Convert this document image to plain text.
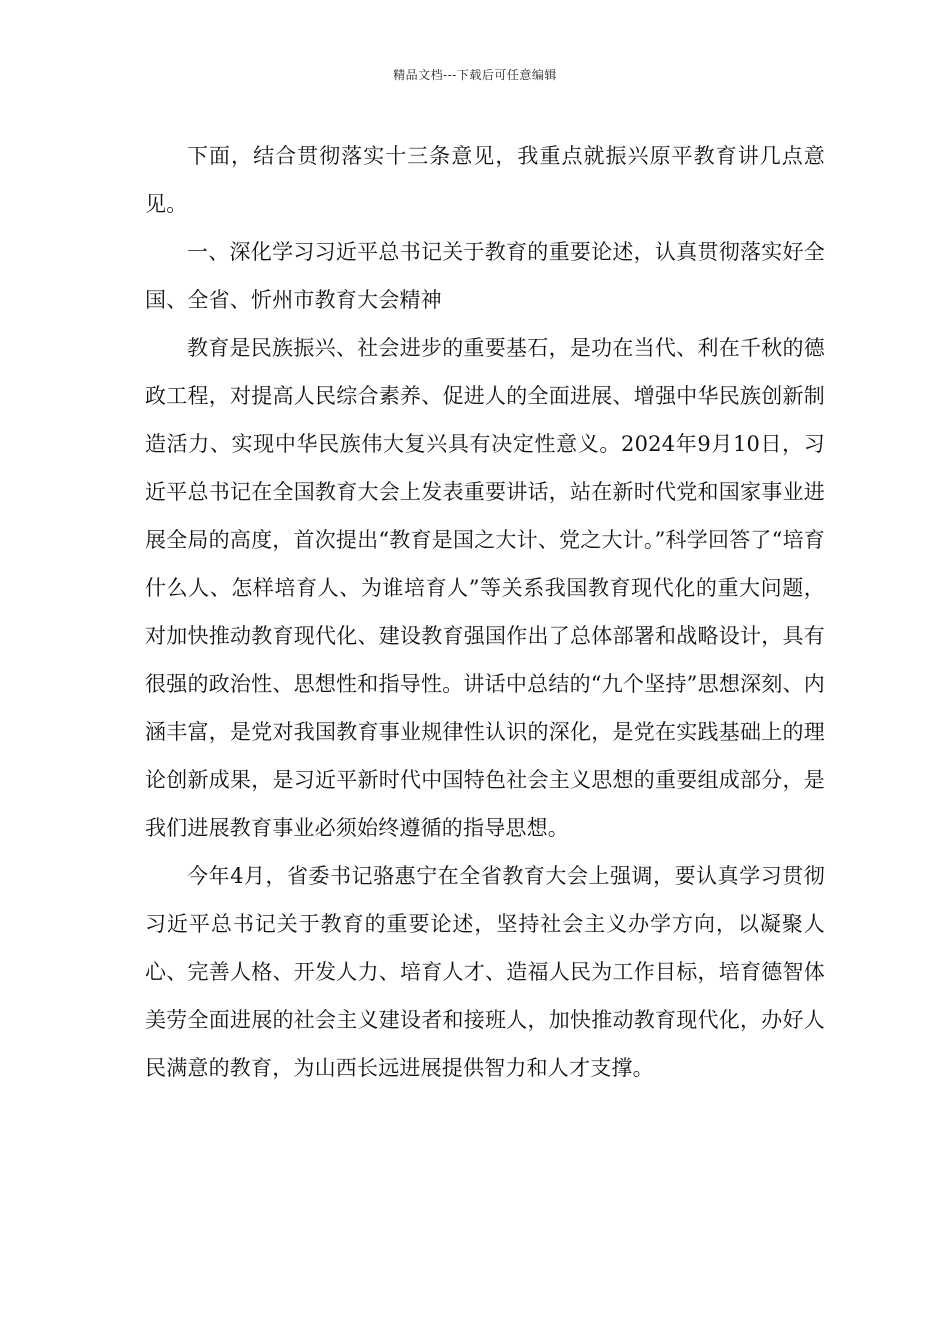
精品文档---下载后可任意编辑

下面，结合贯彻落实十三条意见，我重点就振兴原平教育讲几点意见。

一、深化学习习近平总书记关于教育的重要论述，认真贯彻落实好全国、全省、忻州市教育大会精神

教育是民族振兴、社会进步的重要基石，是功在当代、利在千秋的德政工程，对提高人民综合素养、促进人的全面进展、增强中华民族创新制造活力、实现中华民族伟大复兴具有决定性意义。2024年9月10日，习近平总书记在全国教育大会上发表重要讲话，站在新时代党和国家事业进展全局的高度，首次提出“教育是国之大计、党之大计。”科学回答了“培育什么人、怎样培育人、为谁培育人”等关系我国教育现代化的重大问题，对加快推动教育现代化、建设教育强国作出了总体部署和战略设计，具有很强的政治性、思想性和指导性。讲话中总结的“九个坚持”思想深刻、内涵丰富，是党对我国教育事业规律性认识的深化，是党在实践基础上的理论创新成果，是习近平新时代中国特色社会主义思想的重要组成部分，是我们进展教育事业必须始终遵循的指导思想。

今年4月，省委书记骆惠宁在全省教育大会上强调，要认真学习贯彻习近平总书记关于教育的重要论述，坚持社会主义办学方向，以凝聚人心、完善人格、开发人力、培育人才、造福人民为工作目标，培育德智体美劳全面进展的社会主义建设者和接班人，加快推动教育现代化，办好人民满意的教育，为山西长远进展提供智力和人才支撑。
